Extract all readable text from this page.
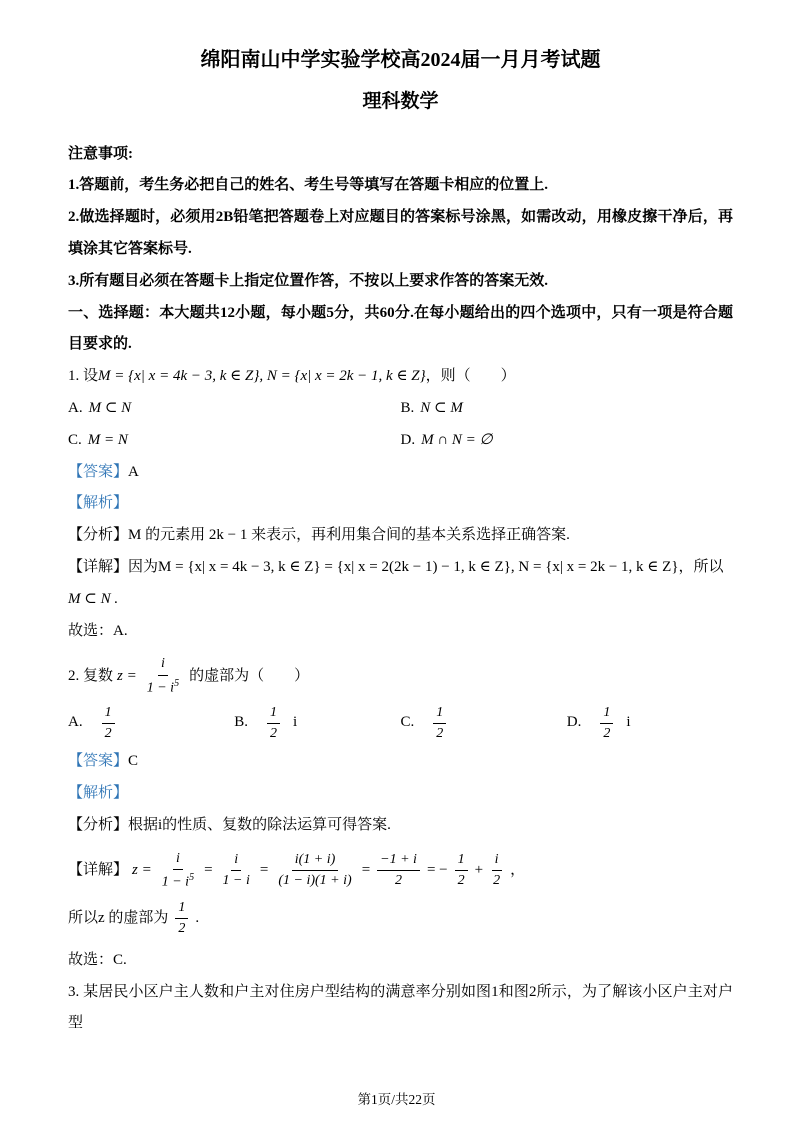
绵阳南山中学实验学校高2024届一月月考试题
理科数学

注意事项:

1.答题前，考生务必把自己的姓名、考生号等填写在答题卡相应的位置上.

2.做选择题时，必须用2B铅笔把答题卷上对应题目的答案标号涂黑，如需改动，用橡皮擦干净后，再填涂其它答案标号.

3.所有题目必须在答题卡上指定位置作答，不按以上要求作答的答案无效.

一、选择题：本大题共12小题，每小题5分，共60分.在每小题给出的四个选项中，只有一项是符合题目要求的.

1. 设M = {x| x = 4k − 3, k ∈ Z}, N = {x| x = 2k − 1, k ∈ Z}，则（　　）

A. M ⊂ N	B. N ⊂ M
C. M = N	D. M ∩ N = ∅

【答案】A

【解析】

【分析】M 的元素用 2k − 1 来表示，再利用集合间的基本关系选择正确答案.

【详解】因为M = {x| x = 4k − 3, k ∈ Z} = {x| x = 2(2k − 1) − 1, k ∈ Z}, N = {x| x = 2k − 1, k ∈ Z}，所以

M ⊂ N .

故选：A.

2. 复数 $z = \frac{i}{1 - i^5}$ 的虚部为（　　）
A. $\frac{1}{2}$	B. $\frac{1}{2}$ i	C. $\frac{1}{2}$	D. $\frac{1}{2}$ i

【答案】C

【解析】

【分析】根据i的性质、复数的除法运算可得答案.

【详解】 $z = \frac{i}{1 - i^5} = \frac{i}{1 - i} = \frac{i(1 + i)}{(1 - i)(1 + i)} = \frac{-1 + i}{2}$ = − $\frac{1}{2} + \frac{i}{2}$ ，
所以z 的虚部为 $\frac{1}{2}$ .

故选：C.

3. 某居民小区户主人数和户主对住房户型结构的满意率分别如图1和图2所示，为了解该小区户主对户型

第1页/共22页
